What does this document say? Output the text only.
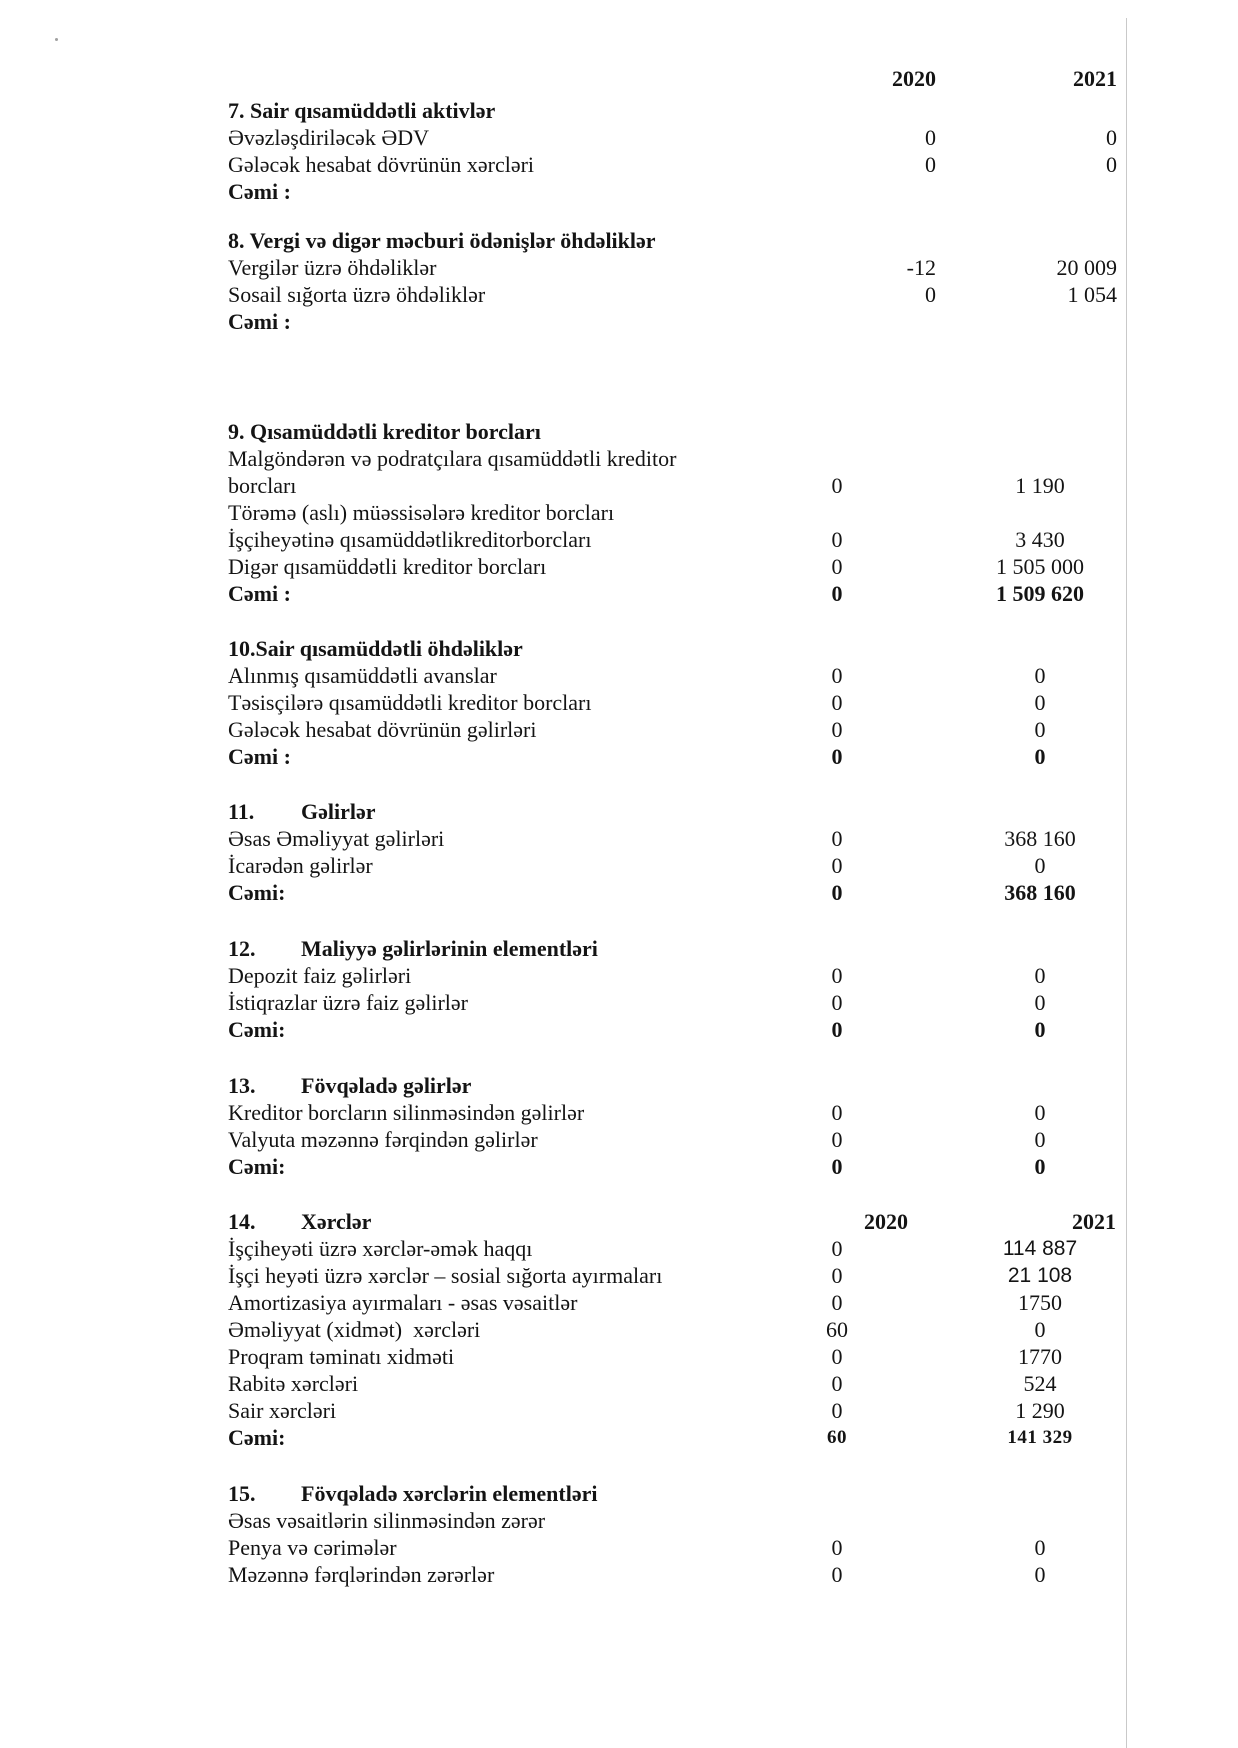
2020	2021
7. Sair qısamüddətli aktivlər
Əvəzləşdiriləcək ƏDV	0	0
Gələcək hesabat dövrünün xərcləri	0	0
Cəmi :
8. Vergi və digər məcburi ödənişlər öhdəliklər
Vergilər üzrə öhdəliklər	-12	20 009
Sosail sığorta üzrə öhdəliklər	0	1 054
Cəmi :
9. Qısamüddətli kreditor borcları
Malgöndərən və podratçılara qısamüddətli kreditor
borcları	0	1 190
Törəmə (aslı) müəssisələrə kreditor borcları
İşçiheyətinə qısamüddətlikreditorborcları	0	3 430
Digər qısamüddətli kreditor borcları	0	1 505 000
Cəmi :	0	1 509 620
10.Sair qısamüddətli öhdəliklər
Alınmış qısamüddətli avanslar	0	0
Təsisçilərə qısamüddətli kreditor borcları	0	0
Gələcək hesabat dövrünün gəlirləri	0	0
Cəmi :	0	0
11. Gəlirlər
Əsas Əməliyyat gəlirləri	0	368 160
İcarədən gəlirlər	0	0
Cəmi:	0	368 160
12. Maliyyə gəlirlərinin elementləri
Depozit faiz gəlirləri	0	0
İstiqrazlar üzrə faiz gəlirlər	0	0
Cəmi:	0	0
13. Fövqəladə gəlirlər
Kreditor borcların silinməsindən gəlirlər	0	0
Valyuta məzənnə fərqindən gəlirlər	0	0
Cəmi:	0	0
14. Xərclər	2020	2021
İşçiheyəti üzrə xərclər-əmək haqqı	0	114 887
İşçi heyəti üzrə xərclər – sosial sığorta ayırmaları	0	21 108
Amortizasiya ayırmaları - əsas vəsaitlər	0	1750
Əməliyyat (xidmət)  xərcləri	60	0
Proqram təminatı xidməti	0	1770
Rabitə xərcləri	0	524
Sair xərcləri	0	1 290
Cəmi:	60	141 329
15. Fövqəladə xərclərin elementləri
Əsas vəsaitlərin silinməsindən zərər
Penya və cərimələr	0	0
Məzənnə fərqlərindən zərərlər	0	0
